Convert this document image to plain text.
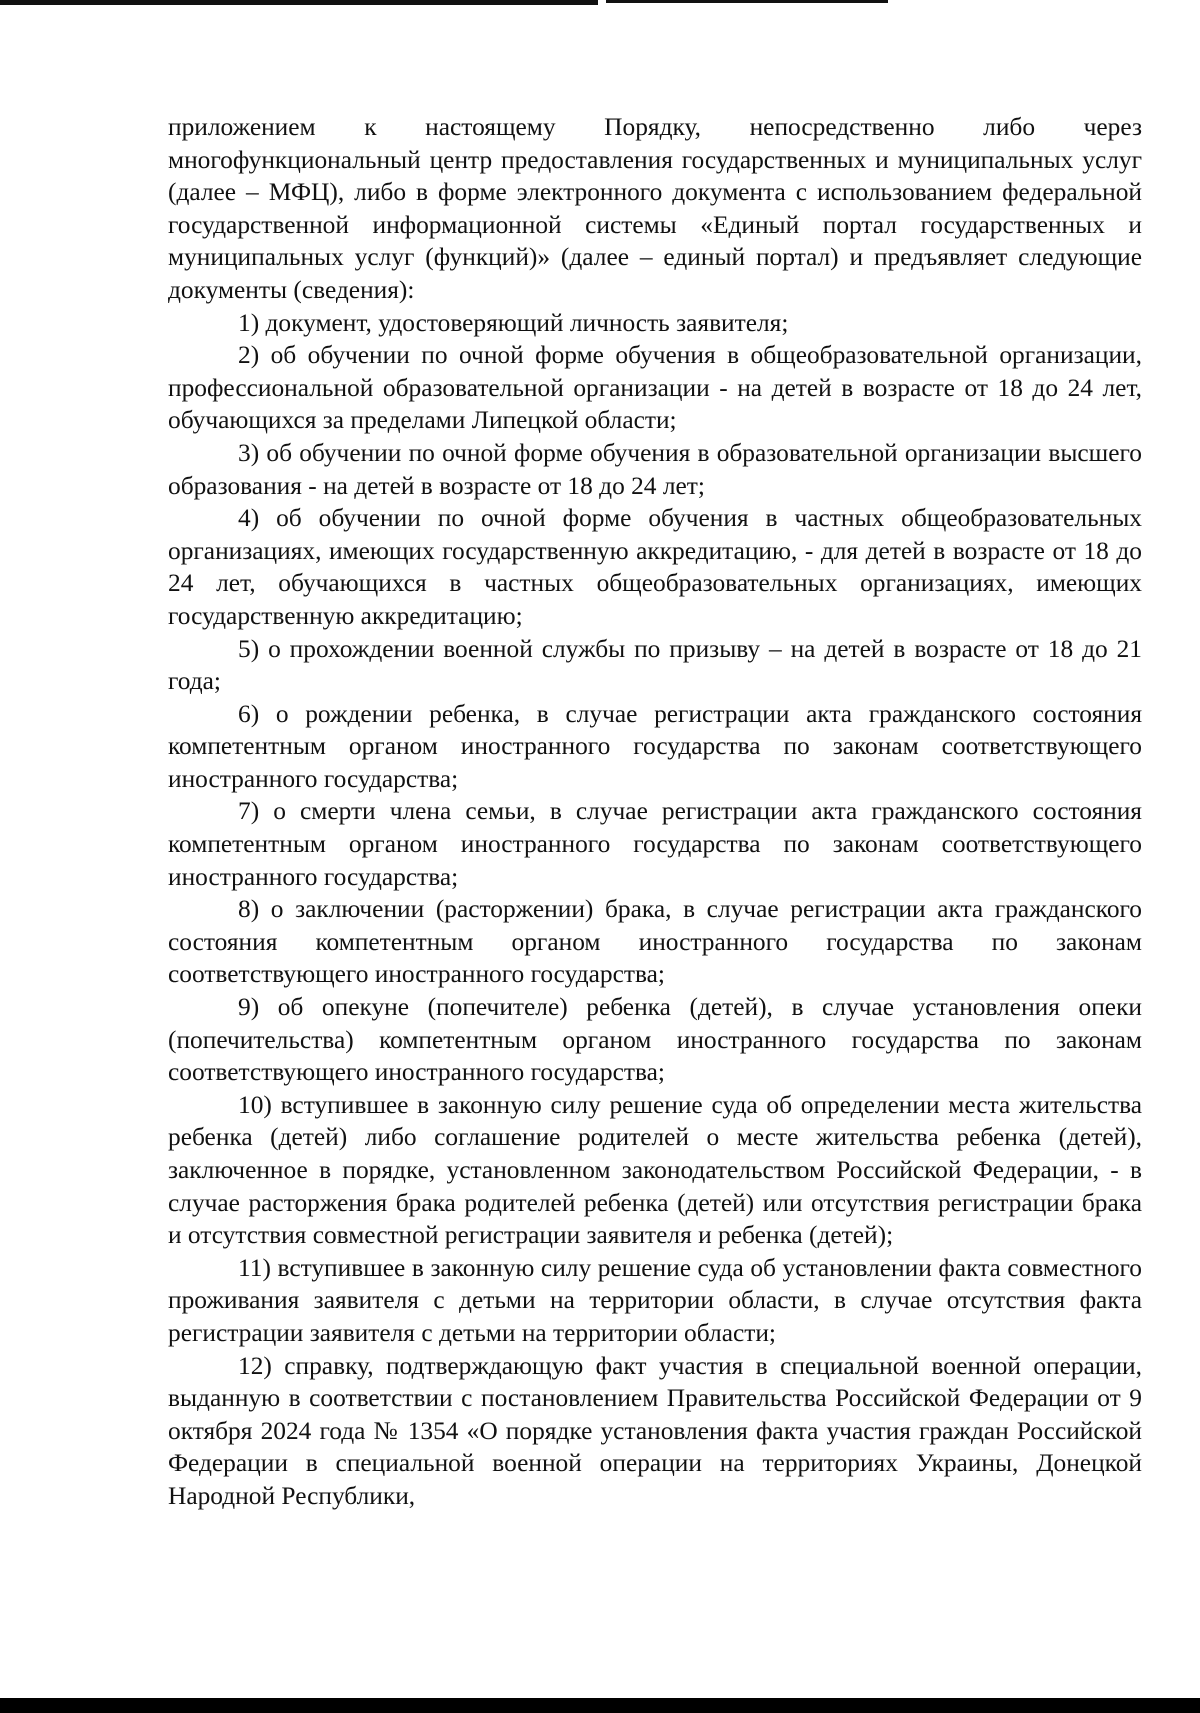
приложением к настоящему Порядку, непосредственно либо через многофункциональный центр предоставления государственных и муниципальных услуг (далее – МФЦ), либо в форме электронного документа с использованием федеральной государственной информационной системы «Единый портал государственных и муниципальных услуг (функций)» (далее – единый портал) и предъявляет следующие документы (сведения):

1) документ, удостоверяющий личность заявителя;

2) об обучении по очной форме обучения в общеобразовательной организации, профессиональной образовательной организации - на детей в возрасте от 18 до 24 лет, обучающихся за пределами Липецкой области;

3) об обучении по очной форме обучения в образовательной организации высшего образования - на детей в возрасте от 18 до 24 лет;

4) об обучении по очной форме обучения в частных общеобразовательных организациях, имеющих государственную аккредитацию, - для детей в возрасте от 18 до 24 лет, обучающихся в частных общеобразовательных организациях, имеющих государственную аккредитацию;

5) о прохождении военной службы по призыву – на детей в возрасте от 18 до 21 года;

6) о рождении ребенка, в случае регистрации акта гражданского состояния компетентным органом иностранного государства по законам соответствующего иностранного государства;

7) о смерти члена семьи, в случае регистрации акта гражданского состояния компетентным органом иностранного государства по законам соответствующего иностранного государства;

8) о заключении (расторжении) брака, в случае регистрации акта гражданского состояния компетентным органом иностранного государства по законам соответствующего иностранного государства;

9) об опекуне (попечителе) ребенка (детей), в случае установления опеки (попечительства) компетентным органом иностранного государства по законам соответствующего иностранного государства;

10) вступившее в законную силу решение суда об определении места жительства ребенка (детей) либо соглашение родителей о месте жительства ребенка (детей), заключенное в порядке, установленном законодательством Российской Федерации, - в случае расторжения брака родителей ребенка (детей) или отсутствия регистрации брака и отсутствия совместной регистрации заявителя и ребенка (детей);

11) вступившее в законную силу решение суда об установлении факта совместного проживания заявителя с детьми на территории области, в случае отсутствия факта регистрации заявителя с детьми на территории области;

12) справку, подтверждающую факт участия в специальной военной операции, выданную в соответствии с постановлением Правительства Российской Федерации от 9 октября 2024 года № 1354 «О порядке установления факта участия граждан Российской Федерации в специальной военной операции на территориях Украины, Донецкой Народной Республики,
